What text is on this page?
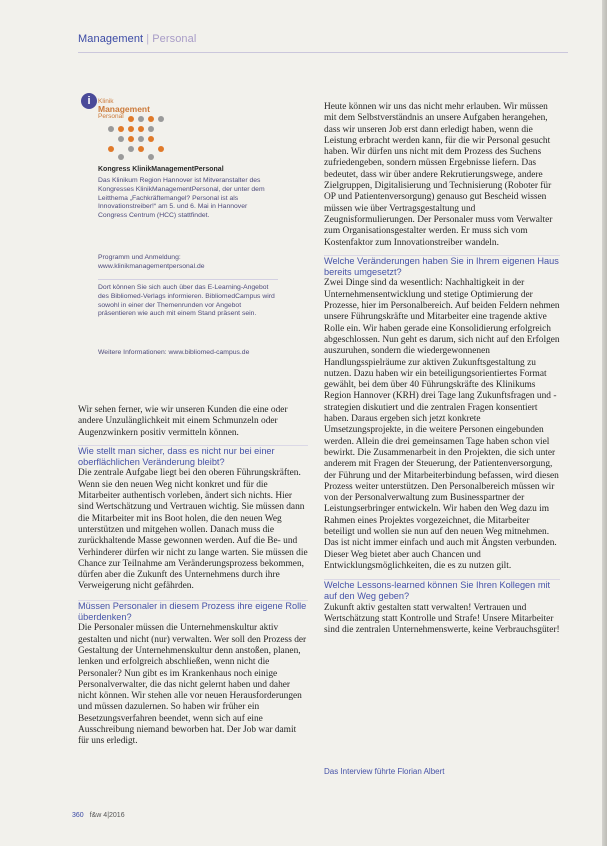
Management | Personal
i	Klinik
Management
Personal
Kongress KlinikManagementPersonal
Das Klinikum Region Hannover ist Mitveranstalter des Kongresses KlinikManagementPersonal, der unter dem Leitthema „Fachkräftemangel? Personal ist als Innovationstreiber!“ am 5. und 6. Mai in Hannover Congress Centrum (HCC) stattfindet.
Programm und Anmeldung: www.klinikmanagementpersonal.de
Dort können Sie sich auch über das E-Learning-Angebot des Bibliomed-Verlags informieren. BibliomedCampus wird sowohl in einer der Themenrunden vor Angebot präsentieren wie auch mit einem Stand präsent sein.
Weitere Informationen: www.bibliomed-campus.de

Wir sehen ferner, wie wir unseren Kunden die eine oder andere Unzulänglichkeit mit einem Schmunzeln oder Augenzwinkern positiv vermitteln können.

Wie stellt man sicher, dass es nicht nur bei einer oberflächlichen Veränderung bleibt?

Die zentrale Aufgabe liegt bei den oberen Führungskräften. Wenn sie den neuen Weg nicht konkret und für die Mitarbeiter authentisch vorleben, ändert sich nichts. Hier sind Wertschätzung und Vertrauen wichtig. Sie müssen dann die Mitarbeiter mit ins Boot holen, die den neuen Weg unterstützen und mitgehen wollen. Danach muss die zurückhaltende Masse gewonnen werden. Auf die Be- und Verhinderer dürfen wir nicht zu lange warten. Sie müssen die Chance zur Teilnahme am Veränderungsprozess bekommen, dürfen aber die Zukunft des Unternehmens durch ihre Verweigerung nicht gefährden.

Müssen Personaler in diesem Prozess ihre eigene Rolle überdenken?

Die Personaler müssen die Unternehmenskultur aktiv gestalten und nicht (nur) verwalten. Wer soll den Prozess der Gestaltung der Unternehmenskultur denn anstoßen, planen, lenken und erfolgreich abschließen, wenn nicht die Personaler? Nun gibt es im Krankenhaus noch einige Personalverwalter, die das nicht gelernt haben und daher nicht können. Wir stehen alle vor neuen Herausforderungen und müssen dazulernen. So haben wir früher ein Besetzungsverfahren beendet, wenn sich auf eine Ausschreibung niemand beworben hat. Der Job war damit für uns erledigt.

Heute können wir uns das nicht mehr erlauben. Wir müssen mit dem Selbstverständnis an unsere Aufgaben herangehen, dass wir unseren Job erst dann erledigt haben, wenn die Leistung erbracht werden kann, für die wir Personal gesucht haben. Wir dürfen uns nicht mit dem Prozess des Suchens zufriedengeben, sondern müssen Ergebnisse liefern. Das bedeutet, dass wir über andere Rekrutierungswege, andere Zielgruppen, Digitalisierung und Technisierung (Roboter für OP und Patientenversorgung) genauso gut Bescheid wissen müssen wie über Vertragsgestaltung und Zeugnisformulierungen. Der Personaler muss vom Verwalter zum Organisationsgestalter werden. Er muss sich vom Kostenfaktor zum Innovationstreiber wandeln.

Welche Veränderungen haben Sie in Ihrem eigenen Haus bereits umgesetzt?

Zwei Dinge sind da wesentlich: Nachhaltigkeit in der Unternehmensentwicklung und stetige Optimierung der Prozesse, hier im Personalbereich. Auf beiden Feldern nehmen unsere Führungskräfte und Mitarbeiter eine tragende aktive Rolle ein. Wir haben gerade eine Konsolidierung erfolgreich abgeschlossen. Nun geht es darum, sich nicht auf den Erfolgen auszuruhen, sondern die wiedergewonnenen Handlungsspielräume zur aktiven Zukunftsgestaltung zu nutzen. Dazu haben wir ein beteiligungsorientiertes Format gewählt, bei dem über 40 Führungskräfte des Klinikums Region Hannover (KRH) drei Tage lang Zukunftsfragen und -strategien diskutiert und die zentralen Fragen konsentiert haben. Daraus ergeben sich jetzt konkrete Umsetzungsprojekte, in die weitere Personen eingebunden werden. Allein die drei gemeinsamen Tage haben schon viel bewirkt. Die Zusammenarbeit in den Projekten, die sich unter anderem mit Fragen der Steuerung, der Patientenversorgung, der Führung und der Mitarbeiterbindung befassen, wird diesen Prozess weiter unterstützen. Den Personalbereich müssen wir von der Personalverwaltung zum Businesspartner der Leistungserbringer entwickeln. Wir haben den Weg dazu im Rahmen eines Projektes vorgezeichnet, die Mitarbeiter beteiligt und wollen sie nun auf den neuen Weg mitnehmen. Das ist nicht immer einfach und auch mit Ängsten verbunden. Dieser Weg bietet aber auch Chancen und Entwicklungsmöglichkeiten, die es zu nutzen gilt.

Welche Lessons-learned können Sie Ihren Kollegen mit auf den Weg geben?

Zukunft aktiv gestalten statt verwalten! Vertrauen und Wertschätzung statt Kontrolle und Strafe! Unsere Mitarbeiter sind die zentralen Unternehmenswerte, keine Verbrauchsgüter!

Das Interview führte Florian Albert
360 f&w 4|2016
